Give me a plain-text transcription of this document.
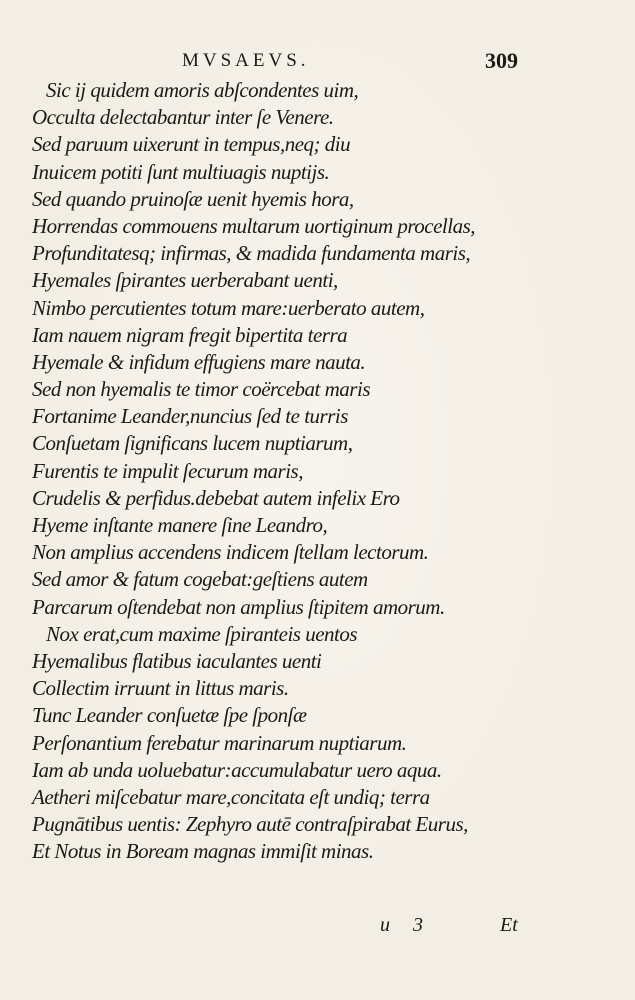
MVSAEVS.	309
Sic ij quidem amoris abſcondentes uim,
Occulta delectabantur inter ſe Venere.
Sed paruum uixerunt in tempus,neq; diu
Inuicem potiti ſunt multiuagis nuptijs.
Sed quando pruinoſæ uenit hyemis hora,
Horrendas commouens multarum uortiginum procellas,
Profunditatesq; infirmas, & madida fundamenta maris,
Hyemales ſpirantes uerberabant uenti,
Nimbo percutientes totum mare:uerberato autem,
Iam nauem nigram fregit bipertita terra
Hyemale & infidum effugiens mare nauta.
Sed non hyemalis te timor coërcebat maris
Fortanime Leander,nuncius ſed te turris
Conſuetam ſignificans lucem nuptiarum,
Furentis te impulit ſecurum maris,
Crudelis & perfidus.debebat autem infelix Ero
Hyeme inſtante manere ſine Leandro,
Non amplius accendens indicem ſtellam lectorum.
Sed amor & fatum cogebat:geſtiens autem
Parcarum oſtendebat non amplius ſtipitem amorum.
Nox erat,cum maxime ſpiranteis uentos
Hyemalibus flatibus iaculantes uenti
Collectim irruunt in littus maris.
Tunc Leander conſuetæ ſpe ſponſæ
Perſonantium ferebatur marinarum nuptiarum.
Iam ab unda uoluebatur:accumulabatur uero aqua.
Aetheri miſcebatur mare,concitata eſt undiq; terra
Pugnātibus uentis: Zephyro autē contraſpirabat Eurus,
Et Notus in Boream magnas immiſit minas.
u 3	Et
